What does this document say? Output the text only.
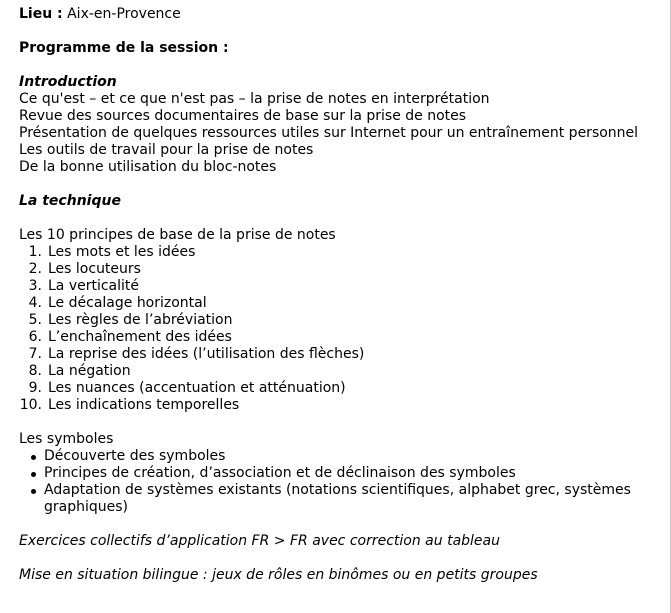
Lieu : Aix-en-Provence

Programme de la session :

Introduction

Ce qu'est – et ce que n'est pas – la prise de notes en interprétation

Revue des sources documentaires de base sur la prise de notes

Présentation de quelques ressources utiles sur Internet pour un entraînement personnel

Les outils de travail pour la prise de notes

De la bonne utilisation du bloc-notes

La technique

Les 10 principes de base de la prise de notes

1. Les mots et les idées
2. Les locuteurs
3. La verticalité
4. Le décalage horizontal
5. Les règles de l’abréviation
6. L’enchaînement des idées
7. La reprise des idées (l’utilisation des flèches)
8. La négation
9. Les nuances (accentuation et atténuation)
10. Les indications temporelles

Les symboles

Découverte des symboles
Principes de création, d’association et de déclinaison des symboles
Adaptation de systèmes existants (notations scientifiques, alphabet grec, systèmes graphiques)

Exercices collectifs d’application FR > FR avec correction au tableau

Mise en situation bilingue : jeux de rôles en binômes ou en petits groupes
